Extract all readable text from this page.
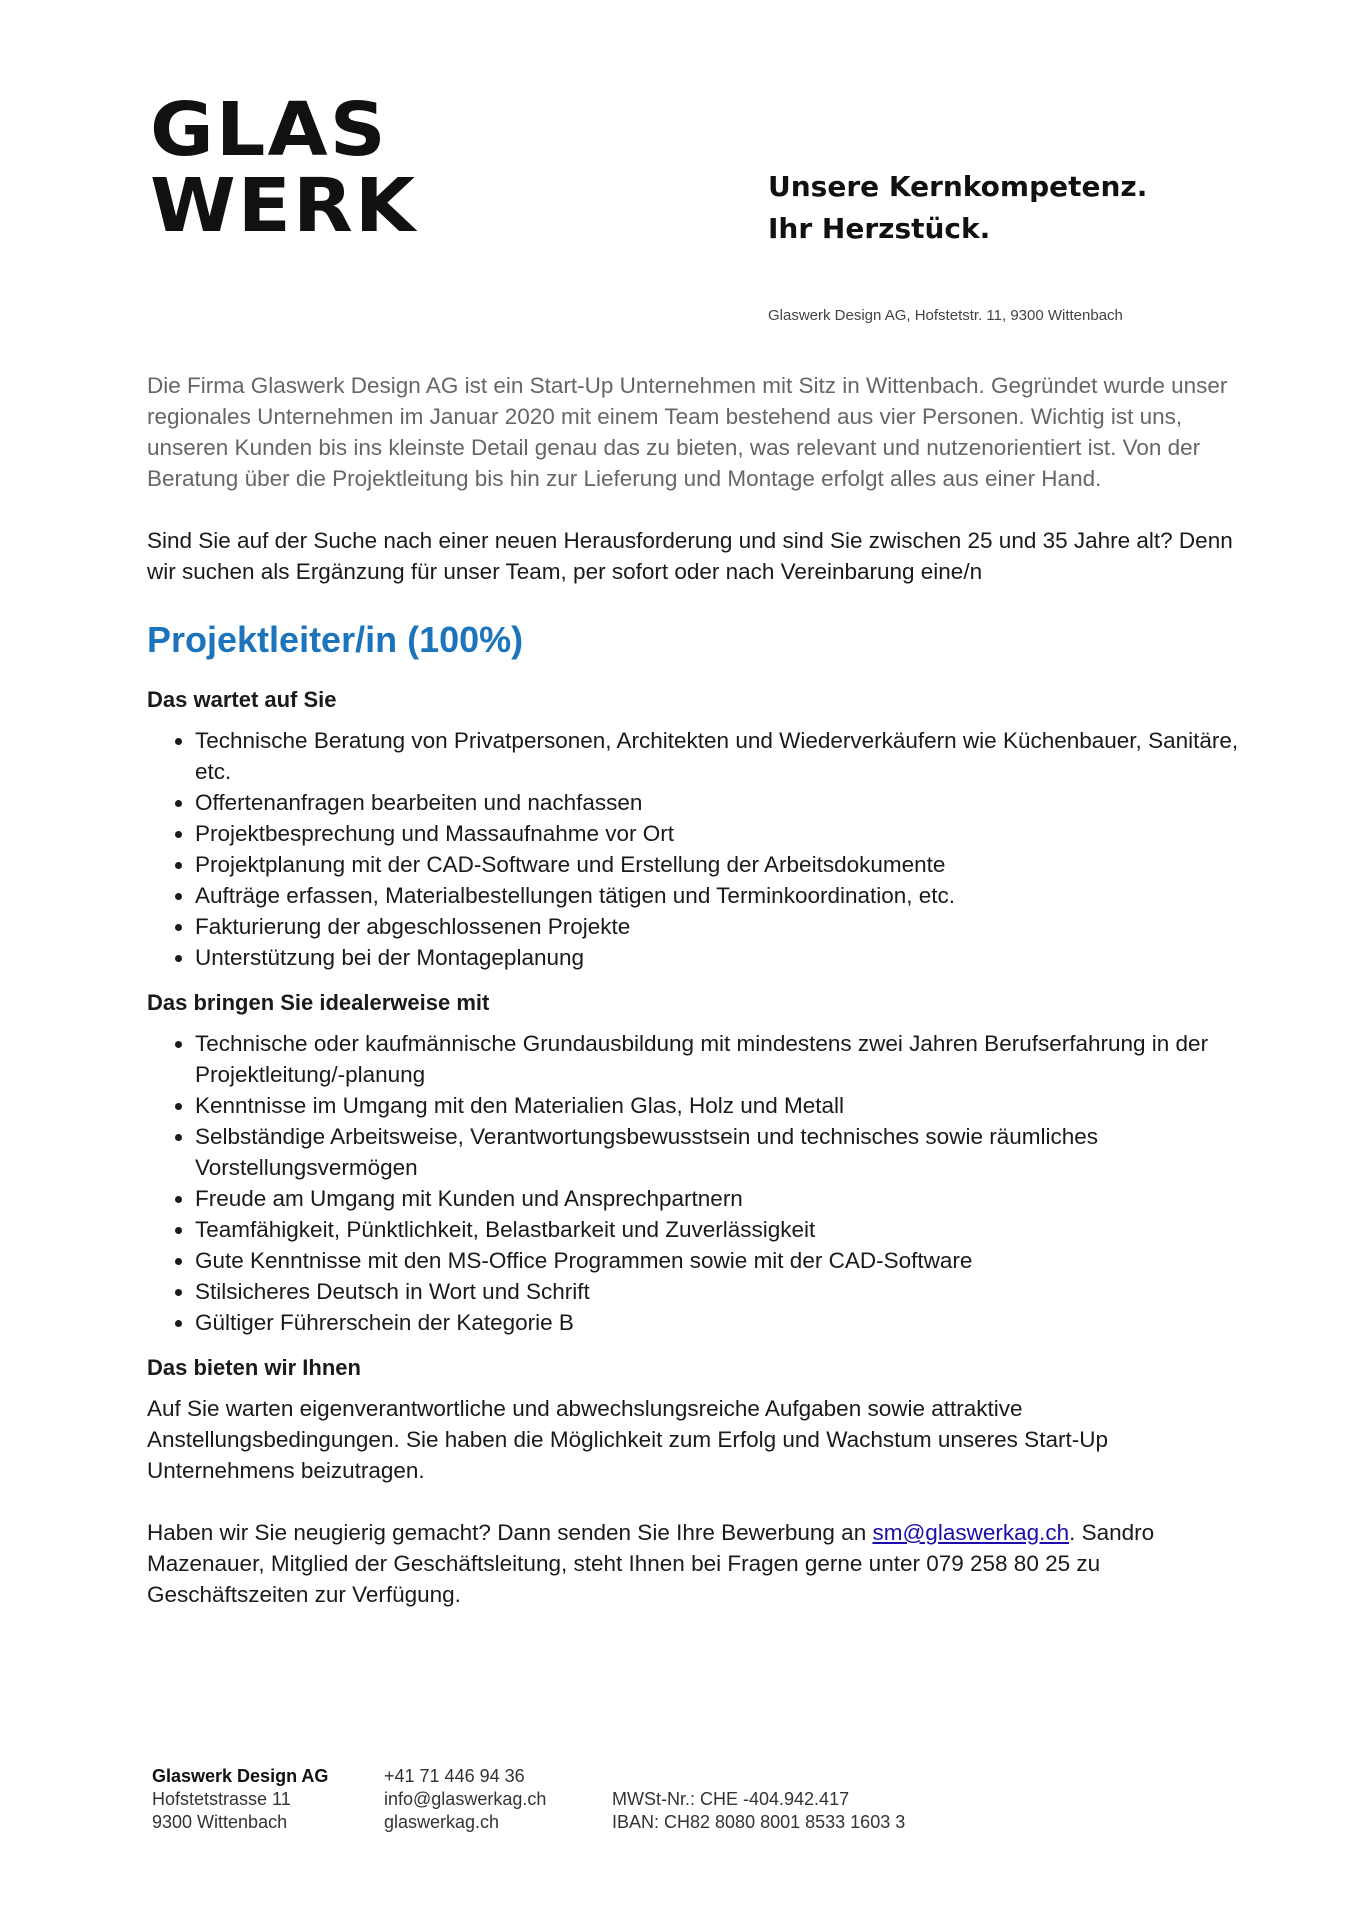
GLAS
WERK	Unsere Kernkompetenz.
Ihr Herzstück.
Glaswerk Design AG, Hofstetstr. 11, 9300 Wittenbach

Die Firma Glaswerk Design AG ist ein Start-Up Unternehmen mit Sitz in Wittenbach. Gegründet wurde unser regionales Unternehmen im Januar 2020 mit einem Team bestehend aus vier Personen. Wichtig ist uns, unseren Kunden bis ins kleinste Detail genau das zu bieten, was relevant und nutzenorientiert ist. Von der Beratung über die Projektleitung bis hin zur Lieferung und Montage erfolgt alles aus einer Hand.

Sind Sie auf der Suche nach einer neuen Herausforderung und sind Sie zwischen 25 und 35 Jahre alt? Denn wir suchen als Ergänzung für unser Team, per sofort oder nach Vereinbarung eine/n

Projektleiter/in (100%)
Das wartet auf Sie
• Technische Beratung von Privatpersonen, Architekten und Wiederverkäufern wie Küchenbauer, Sanitäre, etc.
• Offertenanfragen bearbeiten und nachfassen
• Projektbesprechung und Massaufnahme vor Ort
• Projektplanung mit der CAD-Software und Erstellung der Arbeitsdokumente
• Aufträge erfassen, Materialbestellungen tätigen und Terminkoordination, etc.
• Fakturierung der abgeschlossenen Projekte
• Unterstützung bei der Montageplanung
Das bringen Sie idealerweise mit
• Technische oder kaufmännische Grundausbildung mit mindestens zwei Jahren Berufserfahrung in der Projektleitung/-planung
• Kenntnisse im Umgang mit den Materialien Glas, Holz und Metall
• Selbständige Arbeitsweise, Verantwortungsbewusstsein und technisches sowie räumliches Vorstellungsvermögen
• Freude am Umgang mit Kunden und Ansprechpartnern
• Teamfähigkeit, Pünktlichkeit, Belastbarkeit und Zuverlässigkeit
• Gute Kenntnisse mit den MS-Office Programmen sowie mit der CAD-Software
• Stilsicheres Deutsch in Wort und Schrift
• Gültiger Führerschein der Kategorie B
Das bieten wir Ihnen

Auf Sie warten eigenverantwortliche und abwechslungsreiche Aufgaben sowie attraktive Anstellungsbedingungen. Sie haben die Möglichkeit zum Erfolg und Wachstum unseres Start-Up Unternehmens beizutragen.

Haben wir Sie neugierig gemacht? Dann senden Sie Ihre Bewerbung an sm@glaswerkag.ch. Sandro Mazenauer, Mitglied der Geschäftsleitung, steht Ihnen bei Fragen gerne unter 079 258 80 25 zu Geschäftszeiten zur Verfügung.

Glaswerk Design AG
Hofstetstrasse 11
9300 Wittenbach
+41 71 446 94 36
info@glaswerkag.ch
glaswerkag.ch
MWSt-Nr.: CHE -404.942.417
IBAN: CH82 8080 8001 8533 1603 3
